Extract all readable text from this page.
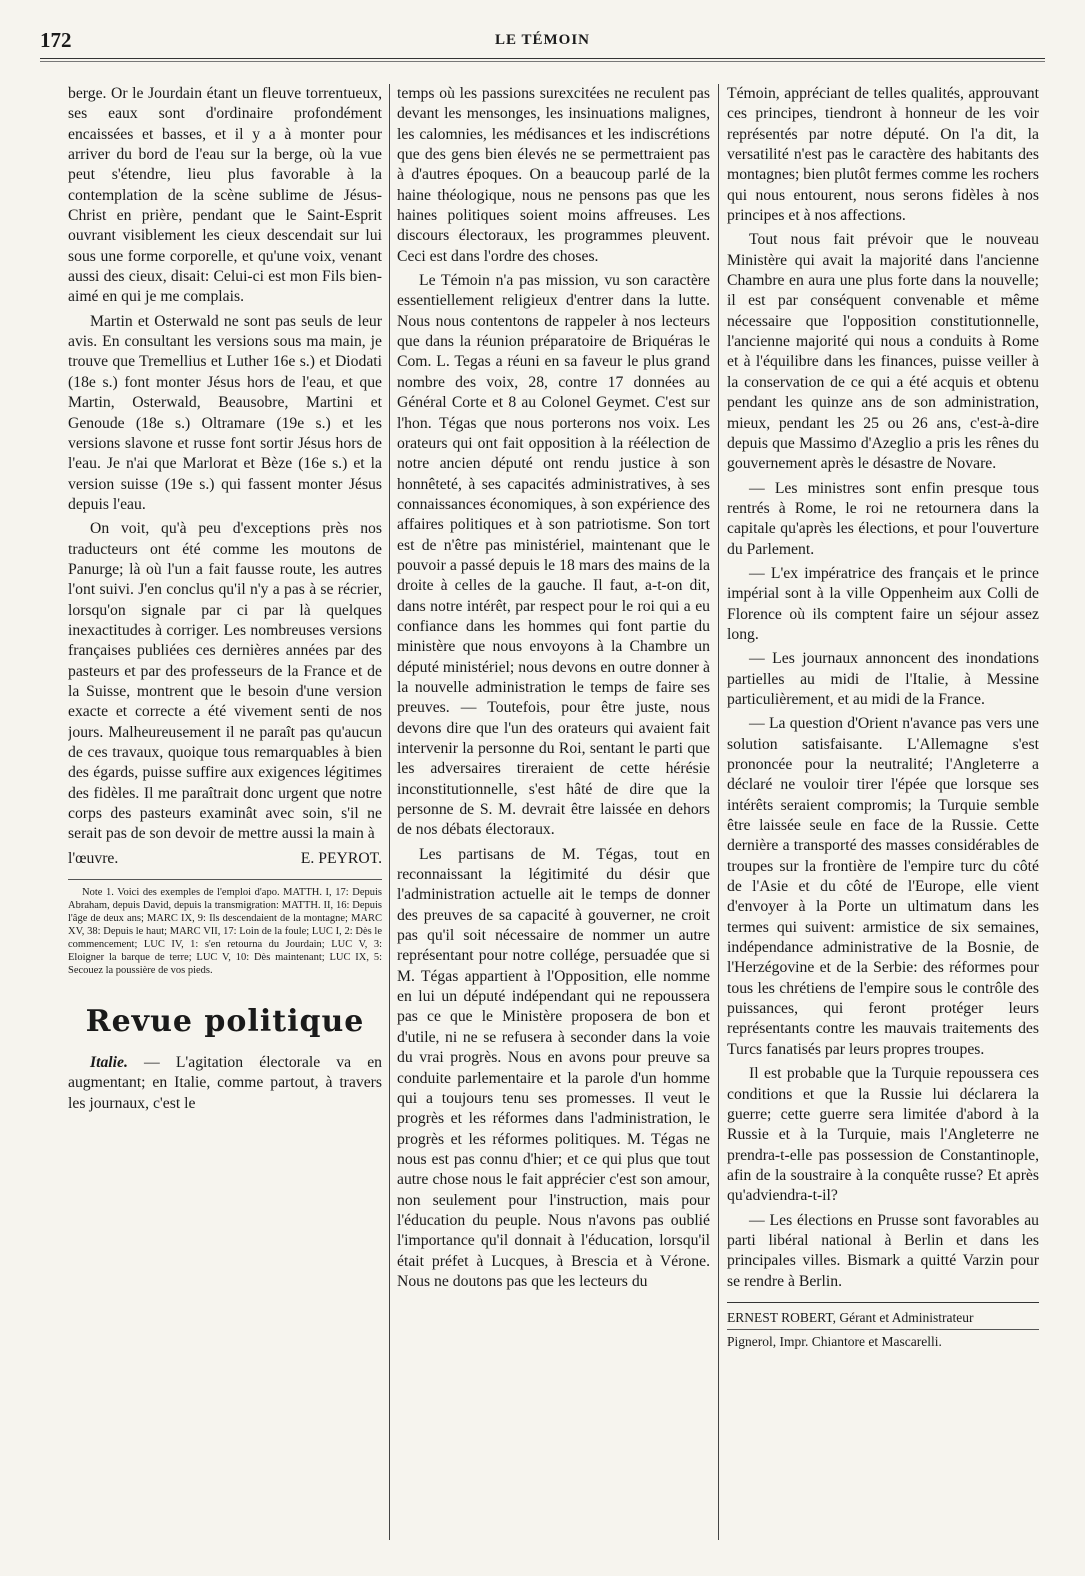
172	LE TÉMOIN

berge. Or le Jourdain étant un fleuve torrentueux, ses eaux sont d'ordinaire profondément encaissées et basses, et il y a à monter pour arriver du bord de l'eau sur la berge, où la vue peut s'étendre, lieu plus favorable à la contemplation de la scène sublime de Jésus-Christ en prière, pendant que le Saint-Esprit ouvrant visiblement les cieux descendait sur lui sous une forme corporelle, et qu'une voix, venant aussi des cieux, disait: Celui-ci est mon Fils bien-aimé en qui je me complais.

Martin et Osterwald ne sont pas seuls de leur avis. En consultant les versions sous ma main, je trouve que Tremellius et Luther 16e s.) et Diodati (18e s.) font monter Jésus hors de l'eau, et que Martin, Osterwald, Beausobre, Martini et Genoude (18e s.) Oltramare (19e s.) et les versions slavone et russe font sortir Jésus hors de l'eau. Je n'ai que Marlorat et Bèze (16e s.) et la version suisse (19e s.) qui fassent monter Jésus depuis l'eau.

On voit, qu'à peu d'exceptions près nos traducteurs ont été comme les moutons de Panurge; là où l'un a fait fausse route, les autres l'ont suivi. J'en conclus qu'il n'y a pas à se récrier, lorsqu'on signale par ci par là quelques inexactitudes à corriger. Les nombreuses versions françaises publiées ces dernières années par des pasteurs et par des professeurs de la France et de la Suisse, montrent que le besoin d'une version exacte et correcte a été vivement senti de nos jours. Malheureusement il ne paraît pas qu'aucun de ces travaux, quoique tous remarquables à bien des égards, puisse suffire aux exigences légitimes des fidèles. Il me paraîtrait donc urgent que notre corps des pasteurs examinât avec soin, s'il ne serait pas de son devoir de mettre aussi la main à

l'œuvre.	E. PEYROT.

Note 1. Voici des exemples de l'emploi d'apo. MATTH. I, 17: Depuis Abraham, depuis David, depuis la transmigration: MATTH. II, 16: Depuis l'âge de deux ans; MARC IX, 9: Ils descendaient de la montagne; MARC XV, 38: Depuis le haut; MARC VII, 17: Loin de la foule; LUC I, 2: Dès le commencement; LUC IV, 1: s'en retourna du Jourdain; LUC V, 3: Eloigner la barque de terre; LUC V, 10: Dès maintenant; LUC IX, 5: Secouez la poussière de vos pieds.
Revue politique

Italie. — L'agitation électorale va en augmentant; en Italie, comme partout, à travers les journaux, c'est le

temps où les passions surexcitées ne reculent pas devant les mensonges, les insinuations malignes, les calomnies, les médisances et les indiscrétions que des gens bien élevés ne se permettraient pas à d'autres époques. On a beaucoup parlé de la haine théologique, nous ne pensons pas que les haines politiques soient moins affreuses. Les discours électoraux, les programmes pleuvent. Ceci est dans l'ordre des choses.

Le Témoin n'a pas mission, vu son caractère essentiellement religieux d'entrer dans la lutte. Nous nous contentons de rappeler à nos lecteurs que dans la réunion préparatoire de Briquéras le Com. L. Tegas a réuni en sa faveur le plus grand nombre des voix, 28, contre 17 données au Général Corte et 8 au Colonel Geymet. C'est sur l'hon. Tégas que nous porterons nos voix. Les orateurs qui ont fait opposition à la réélection de notre ancien député ont rendu justice à son honnêteté, à ses capacités administratives, à ses connaissances économiques, à son expérience des affaires politiques et à son patriotisme. Son tort est de n'être pas ministériel, maintenant que le pouvoir a passé depuis le 18 mars des mains de la droite à celles de la gauche. Il faut, a-t-on dit, dans notre intérêt, par respect pour le roi qui a eu confiance dans les hommes qui font partie du ministère que nous envoyons à la Chambre un député ministériel; nous devons en outre donner à la nouvelle administration le temps de faire ses preuves. — Toutefois, pour être juste, nous devons dire que l'un des orateurs qui avaient fait intervenir la personne du Roi, sentant le parti que les adversaires tireraient de cette hérésie inconstitutionnelle, s'est hâté de dire que la personne de S. M. devrait être laissée en dehors de nos débats électoraux.

Les partisans de M. Tégas, tout en reconnaissant la légitimité du désir que l'administration actuelle ait le temps de donner des preuves de sa capacité à gouverner, ne croit pas qu'il soit nécessaire de nommer un autre représentant pour notre collége, persuadée que si M. Tégas appartient à l'Opposition, elle nomme en lui un député indépendant qui ne repoussera pas ce que le Ministère proposera de bon et d'utile, ni ne se refusera à seconder dans la voie du vrai progrès. Nous en avons pour preuve sa conduite parlementaire et la parole d'un homme qui a toujours tenu ses promesses. Il veut le progrès et les réformes dans l'administration, le progrès et les réformes politiques. M. Tégas ne nous est pas connu d'hier; et ce qui plus que tout autre chose nous le fait apprécier c'est son amour, non seulement pour l'instruction, mais pour l'éducation du peuple. Nous n'avons pas oublié l'importance qu'il donnait à l'éducation, lorsqu'il était préfet à Lucques, à Brescia et à Vérone. Nous ne doutons pas que les lecteurs du

Témoin, appréciant de telles qualités, approuvant ces principes, tiendront à honneur de les voir représentés par notre député. On l'a dit, la versatilité n'est pas le caractère des habitants des montagnes; bien plutôt fermes comme les rochers qui nous entourent, nous serons fidèles à nos principes et à nos affections.

Tout nous fait prévoir que le nouveau Ministère qui avait la majorité dans l'ancienne Chambre en aura une plus forte dans la nouvelle; il est par conséquent convenable et même nécessaire que l'opposition constitutionnelle, l'ancienne majorité qui nous a conduits à Rome et à l'équilibre dans les finances, puisse veiller à la conservation de ce qui a été acquis et obtenu pendant les quinze ans de son administration, mieux, pendant les 25 ou 26 ans, c'est-à-dire depuis que Massimo d'Azeglio a pris les rênes du gouvernement après le désastre de Novare.

— Les ministres sont enfin presque tous rentrés à Rome, le roi ne retournera dans la capitale qu'après les élections, et pour l'ouverture du Parlement.

— L'ex impératrice des français et le prince impérial sont à la ville Oppenheim aux Colli de Florence où ils comptent faire un séjour assez long.

— Les journaux annoncent des inondations partielles au midi de l'Italie, à Messine particulièrement, et au midi de la France.

— La question d'Orient n'avance pas vers une solution satisfaisante. L'Allemagne s'est prononcée pour la neutralité; l'Angleterre a déclaré ne vouloir tirer l'épée que lorsque ses intérêts seraient compromis; la Turquie semble être laissée seule en face de la Russie. Cette dernière a transporté des masses considérables de troupes sur la frontière de l'empire turc du côté de l'Asie et du côté de l'Europe, elle vient d'envoyer à la Porte un ultimatum dans les termes qui suivent: armistice de six semaines, indépendance administrative de la Bosnie, de l'Herzégovine et de la Serbie: des réformes pour tous les chrétiens de l'empire sous le contrôle des puissances, qui feront protéger leurs représentants contre les mauvais traitements des Turcs fanatisés par leurs propres troupes.

Il est probable que la Turquie repoussera ces conditions et que la Russie lui déclarera la guerre; cette guerre sera limitée d'abord à la Russie et à la Turquie, mais l'Angleterre ne prendra-t-elle pas possession de Constantinople, afin de la soustraire à la conquête russe? Et après qu'adviendra-t-il?

— Les élections en Prusse sont favorables au parti libéral national à Berlin et dans les principales villes. Bismark a quitté Varzin pour se rendre à Berlin.

ERNEST ROBERT, Gérant et Administrateur
Pignerol, Impr. Chiantore et Mascarelli.
